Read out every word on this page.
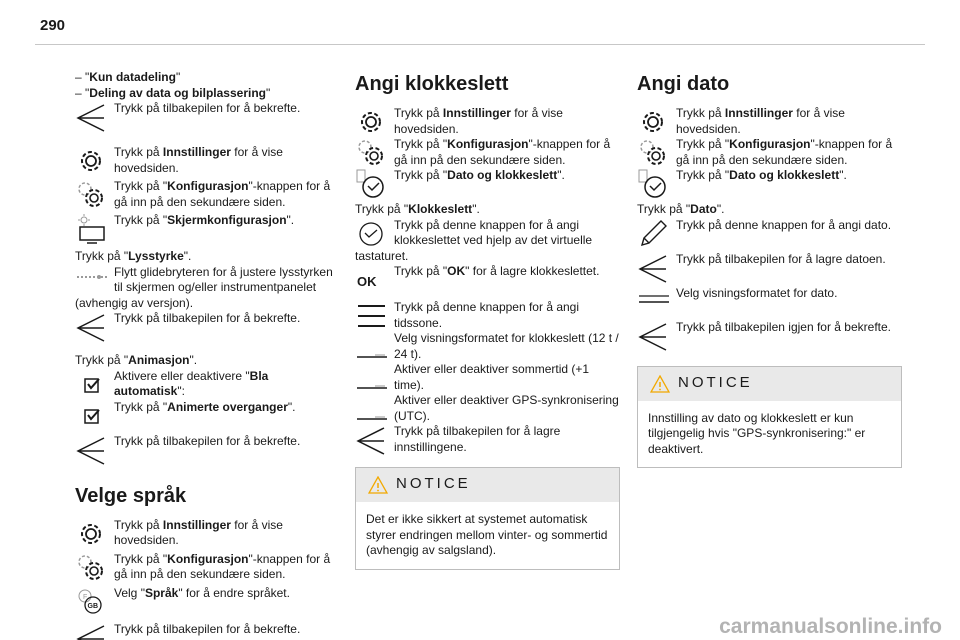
290
– "Kun datadeling"
– "Deling av data og bilplassering"
Trykk på tilbakepilen for å bekrefte.
Trykk på Innstillinger for å vise hovedsiden.
Trykk på "Konfigurasjon"-knappen for å gå inn på den sekundære siden.
Trykk på "Skjermkonfigurasjon".
Trykk på "Lysstyrke".
Flytt glidebryteren for å justere lysstyrken til skjermen og/eller instrumentpanelet
(avhengig av versjon).
Trykk på tilbakepilen for å bekrefte.
Trykk på "Animasjon".
Aktivere eller deaktivere "Bla automatisk":
Trykk på "Animerte overganger".
Trykk på tilbakepilen for å bekrefte.
Velge språk
Trykk på Innstillinger for å vise hovedsiden.
Trykk på "Konfigurasjon"-knappen for å gå inn på den sekundære siden.
F
GB
Velg "Språk" for å endre språket.
Trykk på tilbakepilen for å bekrefte.
Angi klokkeslett
Trykk på Innstillinger for å vise hovedsiden.
Trykk på "Konfigurasjon"-knappen for å gå inn på den sekundære siden.
Trykk på "Dato og klokkeslett".
Trykk på "Klokkeslett".
Trykk på denne knappen for å angi klokkeslettet ved hjelp av det virtuelle
tastaturet.
OK
Trykk på "OK" for å lagre klokkeslettet.
Trykk på denne knappen for å angi tidssone.
Velg visningsformatet for klokkeslett (12 t / 24 t).
Aktiver eller deaktiver sommertid (+1 time).
Aktiver eller deaktiver GPS-synkronisering (UTC).
Trykk på tilbakepilen for å lagre innstillingene.
NOTICE
Det er ikke sikkert at systemet automatisk styrer endringen mellom vinter- og sommertid (avhengig av salgsland).
Angi dato
Trykk på Innstillinger for å vise hovedsiden.
Trykk på "Konfigurasjon"-knappen for å gå inn på den sekundære siden.
Trykk på "Dato og klokkeslett".
Trykk på "Dato".
Trykk på denne knappen for å angi dato.
Trykk på tilbakepilen for å lagre datoen.
Velg visningsformatet for dato.
Trykk på tilbakepilen igjen for å bekrefte.
NOTICE
Innstilling av dato og klokkeslett er kun tilgjengelig hvis "GPS-synkronisering:" er deaktivert.
carmanualsonline.info
